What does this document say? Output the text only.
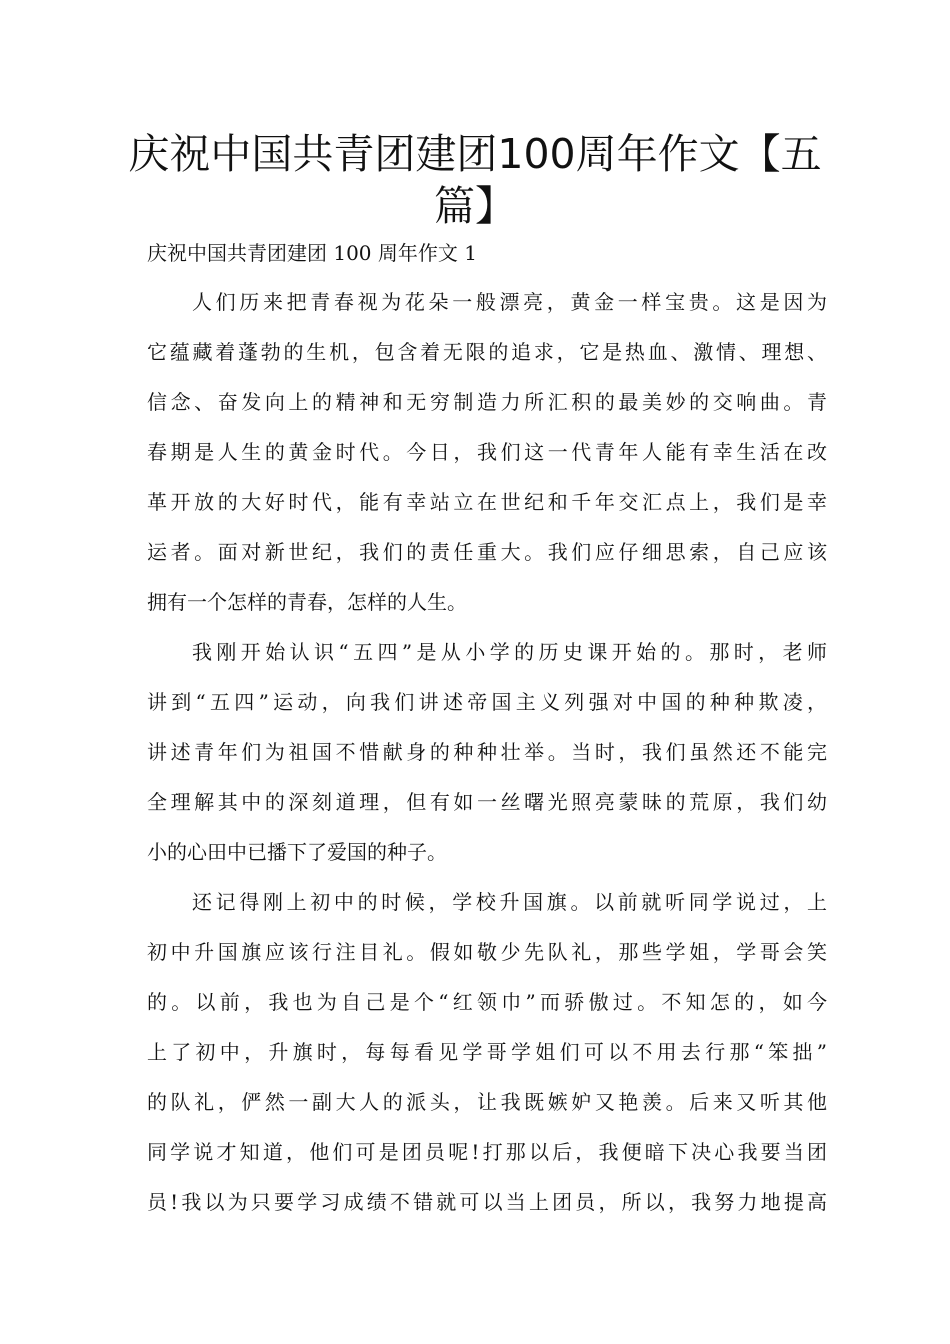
庆祝中国共青团建团100周年作文【五
篇】

庆祝中国共青团建团 100 周年作文 1

人们历来把青春视为花朵一般漂亮，黄金一样宝贵。这是因为
它蕴藏着蓬勃的生机，包含着无限的追求，它是热血、激情、理想、
信念、奋发向上的精神和无穷制造力所汇积的最美妙的交响曲。青
春期是人生的黄金时代。今日，我们这一代青年人能有幸生活在改
革开放的大好时代，能有幸站立在世纪和千年交汇点上，我们是幸
运者。面对新世纪，我们的责任重大。我们应仔细思索，自己应该
拥有一个怎样的青春，怎样的人生。
我刚开始认识“五四”是从小学的历史课开始的。那时，老师
讲到“五四”运动，向我们讲述帝国主义列强对中国的种种欺凌，
讲述青年们为祖国不惜献身的种种壮举。当时，我们虽然还不能完
全理解其中的深刻道理，但有如一丝曙光照亮蒙昧的荒原，我们幼
小的心田中已播下了爱国的种子。
还记得刚上初中的时候，学校升国旗。以前就听同学说过，上
初中升国旗应该行注目礼。假如敬少先队礼，那些学姐，学哥会笑
的。以前，我也为自己是个“红领巾”而骄傲过。不知怎的，如今
上了初中，升旗时，每每看见学哥学姐们可以不用去行那“笨拙”
的队礼，俨然一副大人的派头，让我既嫉妒又艳羡。后来又听其他
同学说才知道，他们可是团员呢!打那以后，我便暗下决心我要当团
员!我以为只要学习成绩不错就可以当上团员，所以，我努力地提高
